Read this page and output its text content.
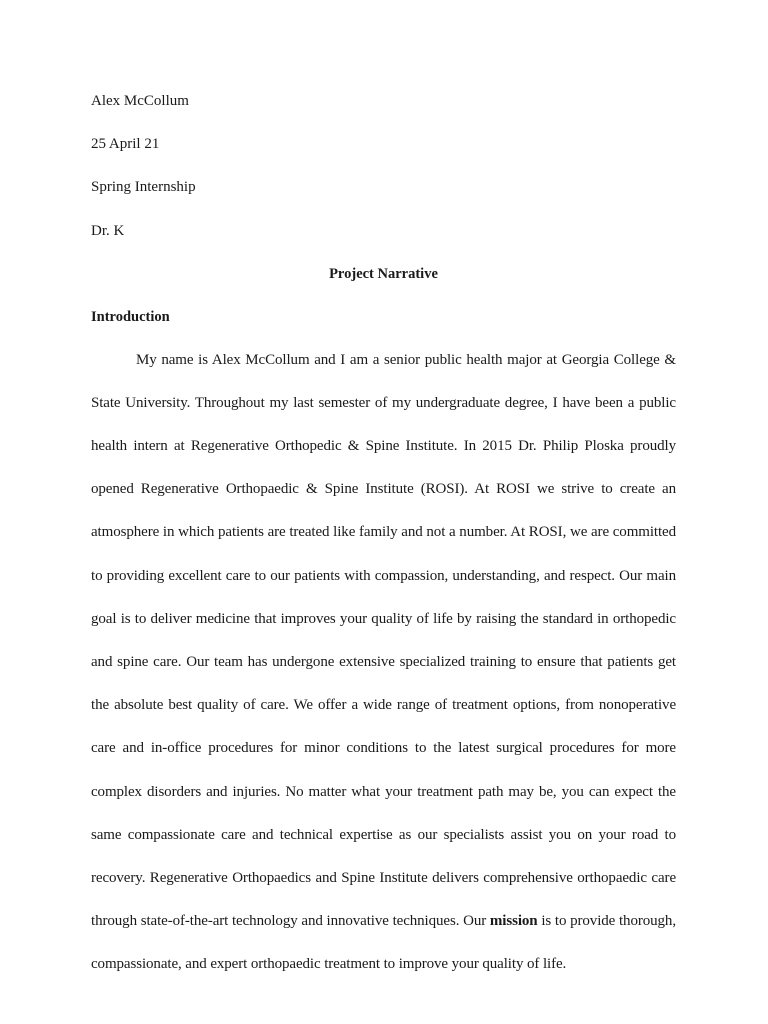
Alex McCollum

25 April 21

Spring Internship

Dr. K

Project Narrative

Introduction

My name is Alex McCollum and I am a senior public health major at Georgia College & State University. Throughout my last semester of my undergraduate degree, I have been a public health intern at Regenerative Orthopedic & Spine Institute. In 2015 Dr. Philip Ploska proudly opened Regenerative Orthopaedic & Spine Institute (ROSI). At ROSI we strive to create an atmosphere in which patients are treated like family and not a number. At ROSI, we are committed to providing excellent care to our patients with compassion, understanding, and respect. Our main goal is to deliver medicine that improves your quality of life by raising the standard in orthopedic and spine care. Our team has undergone extensive specialized training to ensure that patients get the absolute best quality of care. We offer a wide range of treatment options, from nonoperative care and in-office procedures for minor conditions to the latest surgical procedures for more complex disorders and injuries. No matter what your treatment path may be, you can expect the same compassionate care and technical expertise as our specialists assist you on your road to recovery. Regenerative Orthopaedics and Spine Institute delivers comprehensive orthopaedic care through state-of-the-art technology and innovative techniques. Our mission is to provide thorough, compassionate, and expert orthopaedic treatment to improve your quality of life.
